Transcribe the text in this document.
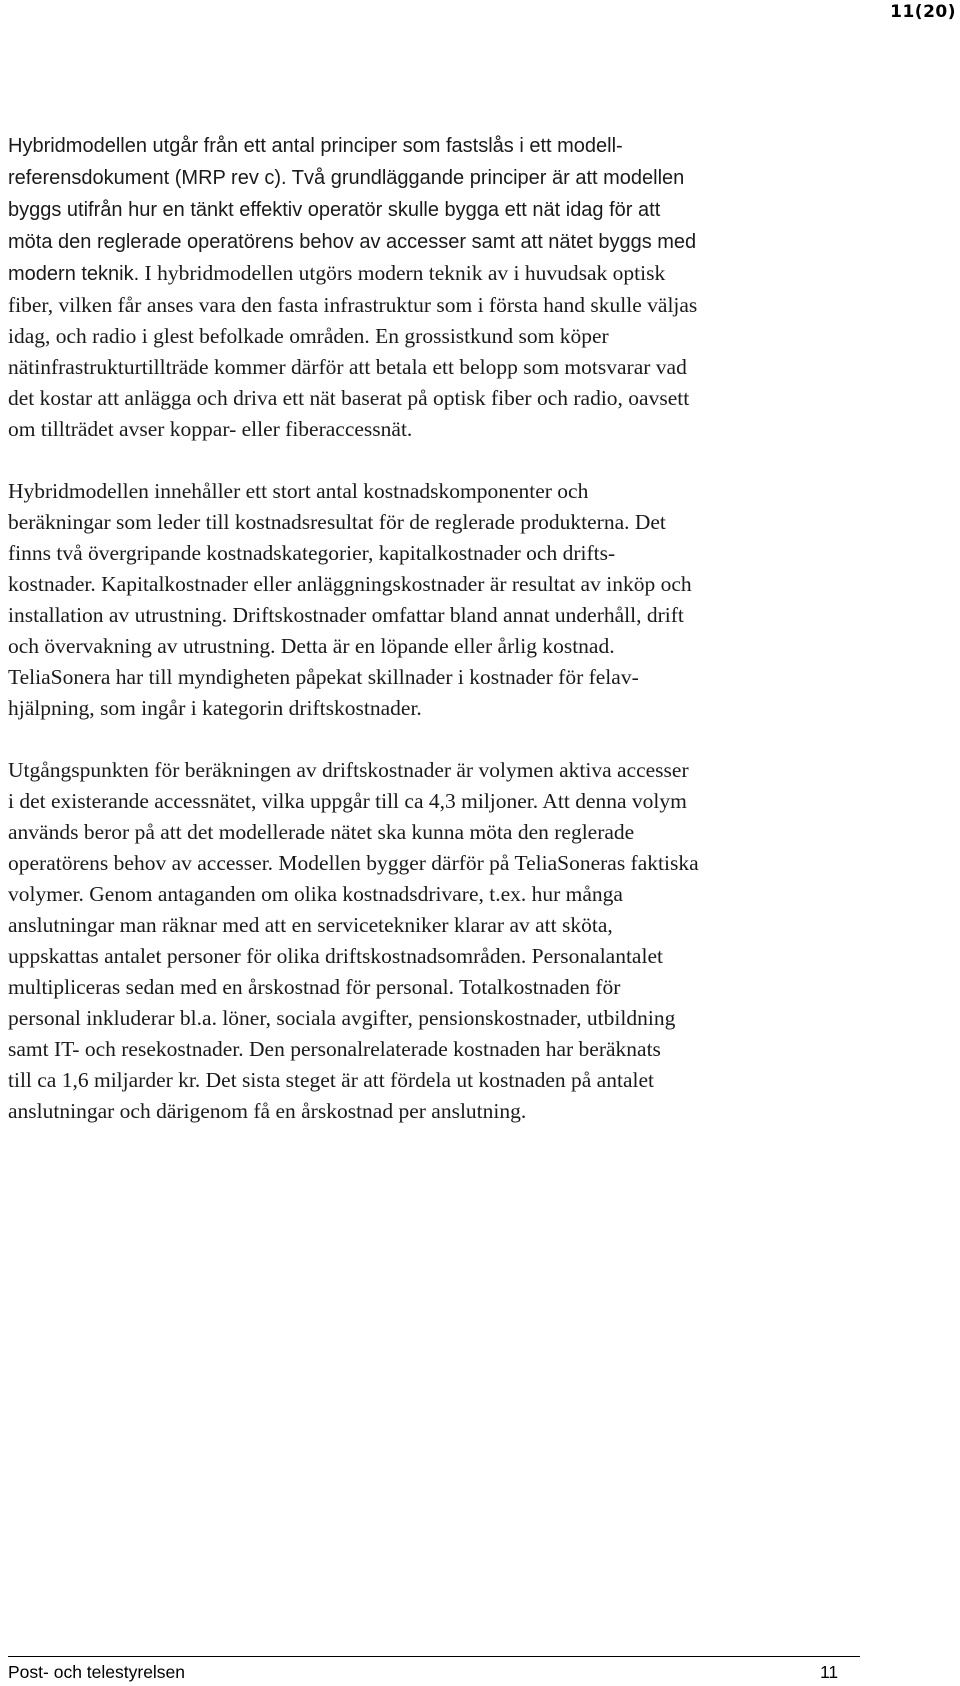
11(20)

Hybridmodellen utgår från ett antal principer som fastslås i ett modell-
referensdokument (MRP rev c). Två grundläggande principer är att modellen
byggs utifrån hur en tänkt effektiv operatör skulle bygga ett nät idag för att
möta den reglerade operatörens behov av accesser samt att nätet byggs med
modern teknik. I hybridmodellen utgörs modern teknik av i huvudsak optisk
fiber, vilken får anses vara den fasta infrastruktur som i första hand skulle väljas
idag, och radio i glest befolkade områden. En grossistkund som köper
nätinfrastrukturtillträde kommer därför att betala ett belopp som motsvarar vad
det kostar att anlägga och driva ett nät baserat på optisk fiber och radio, oavsett
om tillträdet avser koppar- eller fiberaccessnät.

Hybridmodellen innehåller ett stort antal kostnadskomponenter och
beräkningar som leder till kostnadsresultat för de reglerade produkterna. Det
finns två övergripande kostnadskategorier, kapitalkostnader och drifts-
kostnader. Kapitalkostnader eller anläggningskostnader är resultat av inköp och
installation av utrustning. Driftskostnader omfattar bland annat underhåll, drift
och övervakning av utrustning. Detta är en löpande eller årlig kostnad.
TeliaSonera har till myndigheten påpekat skillnader i kostnader för felav-
hjälpning, som ingår i kategorin driftskostnader.

Utgångspunkten för beräkningen av driftskostnader är volymen aktiva accesser
i det existerande accessnätet, vilka uppgår till ca 4,3 miljoner. Att denna volym
används beror på att det modellerade nätet ska kunna möta den reglerade
operatörens behov av accesser. Modellen bygger därför på TeliaSoneras faktiska
volymer. Genom antaganden om olika kostnadsdrivare, t.ex. hur många
anslutningar man räknar med att en servicetekniker klarar av att sköta,
uppskattas antalet personer för olika driftskostnadsområden. Personalantalet
multipliceras sedan med en årskostnad för personal. Totalkostnaden för
personal inkluderar bl.a. löner, sociala avgifter, pensionskostnader, utbildning
samt IT- och resekostnader. Den personalrelaterade kostnaden har beräknats
till ca 1,6 miljarder kr. Det sista steget är att fördela ut kostnaden på antalet
anslutningar och därigenom få en årskostnad per anslutning.

Post- och telestyrelsen	11
